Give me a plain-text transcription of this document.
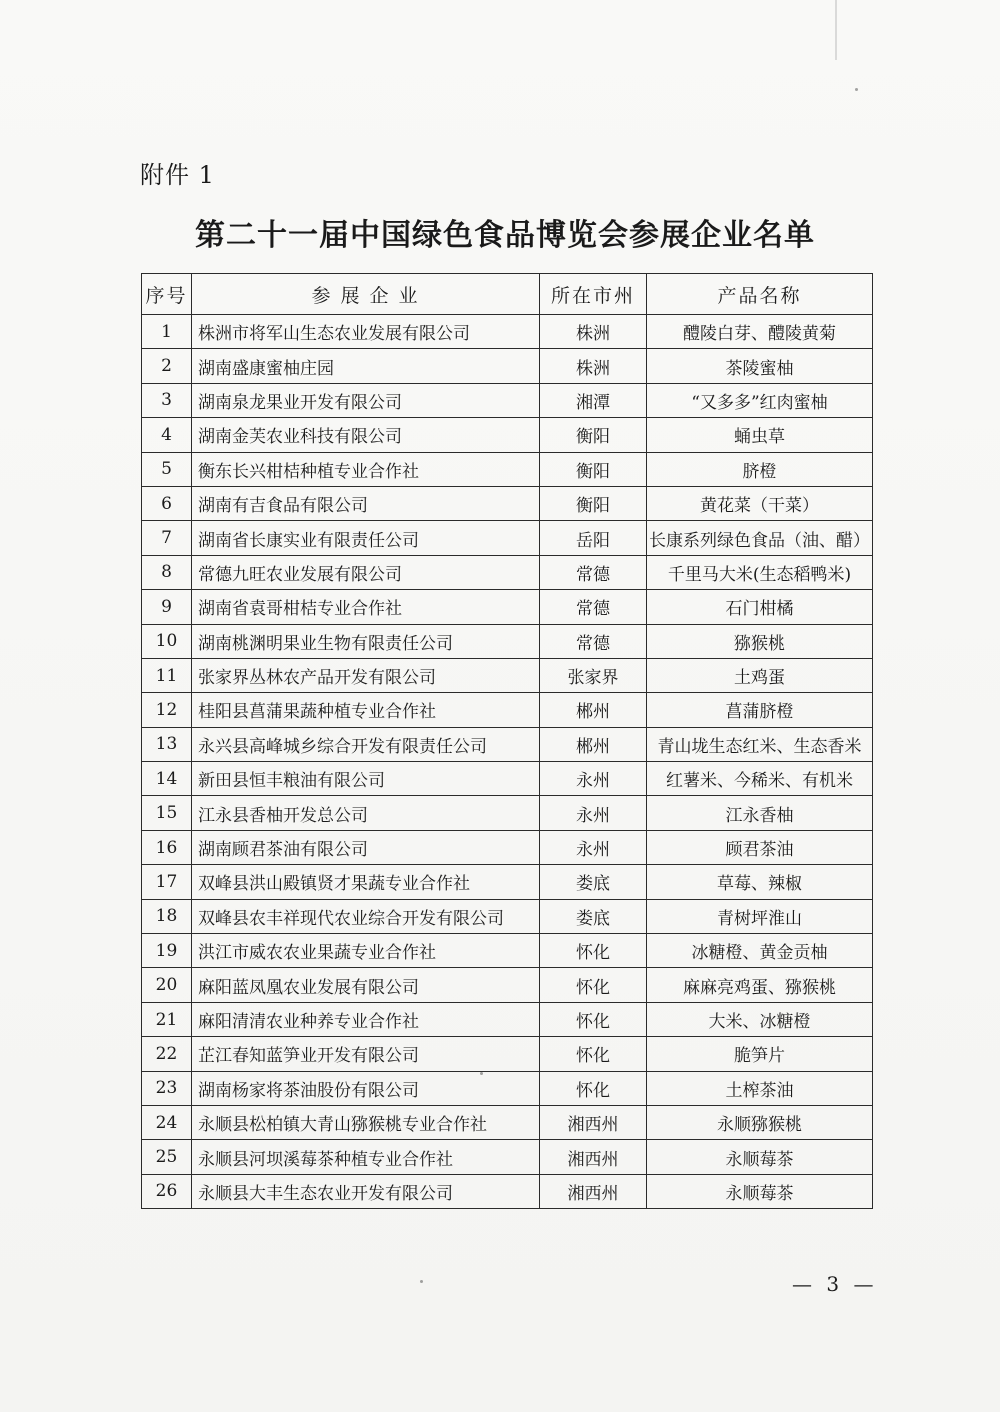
附件 1
第二十一届中国绿色食品博览会参展企业名单
序号	参 展 企 业	所在市州	产品名称
1	株洲市将军山生态农业发展有限公司	株洲	醴陵白芽、醴陵黄菊
2	湖南盛康蜜柚庄园	株洲	茶陵蜜柚
3	湖南泉龙果业开发有限公司	湘潭	“又多多”红肉蜜柚
4	湖南金芙农业科技有限公司	衡阳	蛹虫草
5	衡东长兴柑桔种植专业合作社	衡阳	脐橙
6	湖南有吉食品有限公司	衡阳	黄花菜（干菜）
7	湖南省长康实业有限责任公司	岳阳	长康系列绿色食品（油、醋）
8	常德九旺农业发展有限公司	常德	千里马大米(生态稻鸭米)
9	湖南省袁哥柑桔专业合作社	常德	石门柑橘
10	湖南桃渊明果业生物有限责任公司	常德	猕猴桃
11	张家界丛林农产品开发有限公司	张家界	土鸡蛋
12	桂阳县菖蒲果蔬种植专业合作社	郴州	菖蒲脐橙
13	永兴县高峰城乡综合开发有限责任公司	郴州	青山垅生态红米、生态香米
14	新田县恒丰粮油有限公司	永州	红薯米、今稀米、有机米
15	江永县香柚开发总公司	永州	江永香柚
16	湖南顾君茶油有限公司	永州	顾君茶油
17	双峰县洪山殿镇贤才果蔬专业合作社	娄底	草莓、辣椒
18	双峰县农丰祥现代农业综合开发有限公司	娄底	青树坪淮山
19	洪江市威农农业果蔬专业合作社	怀化	冰糖橙、黄金贡柚
20	麻阳蓝凤凰农业发展有限公司	怀化	麻麻亮鸡蛋、猕猴桃
21	麻阳清清农业种养专业合作社	怀化	大米、冰糖橙
22	芷江春知蓝笋业开发有限公司	怀化	脆笋片
23	湖南杨家将茶油股份有限公司	怀化	土榨茶油
24	永顺县松柏镇大青山猕猴桃专业合作社	湘西州	永顺猕猴桃
25	永顺县河坝溪莓茶种植专业合作社	湘西州	永顺莓茶
26	永顺县大丰生态农业开发有限公司	湘西州	永顺莓茶
— 3 —
